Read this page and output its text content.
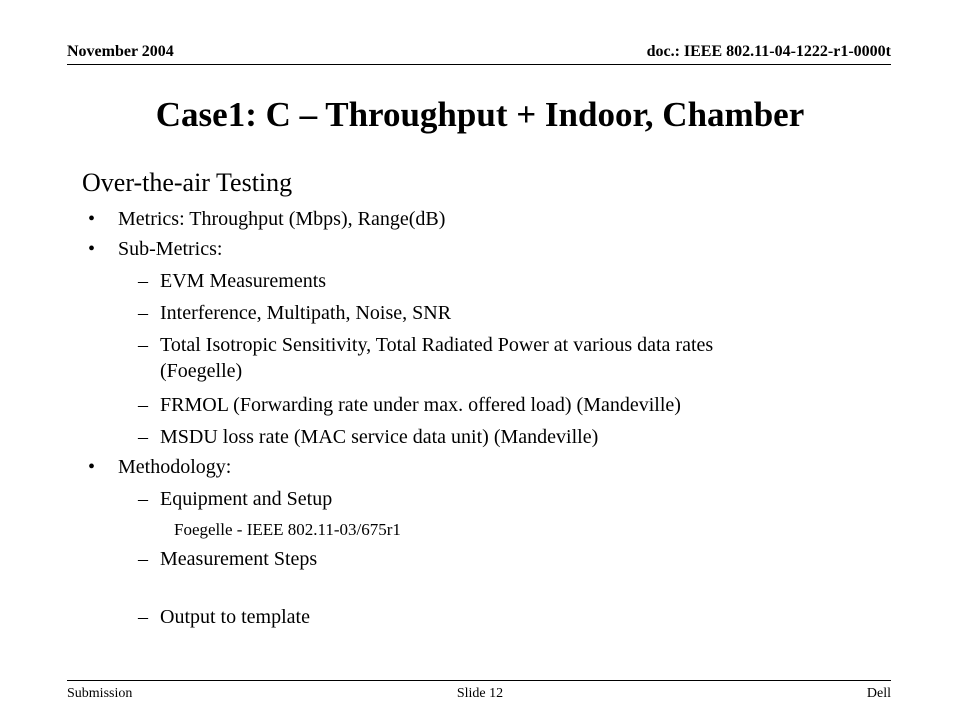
November 2004	doc.: IEEE 802.11-04-1222-r1-0000t
Case1: C – Throughput + Indoor, Chamber
Over-the-air Testing
• Metrics: Throughput (Mbps), Range(dB)
• Sub-Metrics:
– EVM Measurements
– Interference, Multipath, Noise, SNR
– Total Isotropic Sensitivity, Total Radiated Power at various data rates
(Foegelle)
– FRMOL (Forwarding rate under max. offered load) (Mandeville)
– MSDU loss rate (MAC service data unit) (Mandeville)
• Methodology:
– Equipment and Setup
Foegelle - IEEE 802.11-03/675r1
– Measurement Steps
– Output to template
Submission	Slide 12	Dell
